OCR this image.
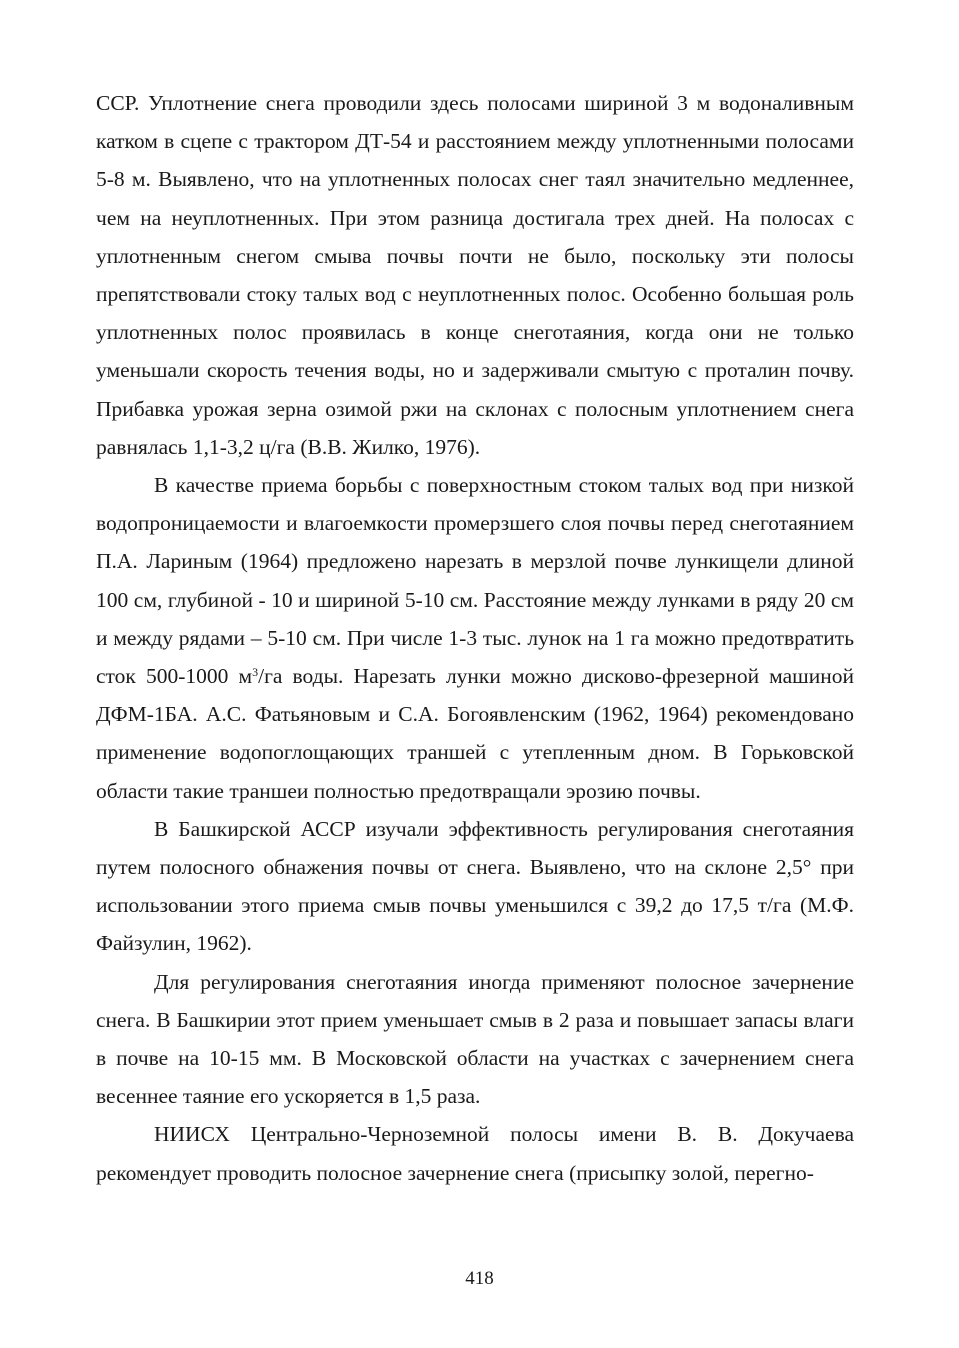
ССР. Уплотнение снега проводили здесь полосами шириной 3 м водоналивным катком в сцепе с трактором ДТ-54 и расстоянием между уплотненными полосами 5-8 м. Выявлено, что на уплотненных полосах снег таял значительно медленнее, чем на неуплотненных. При этом разница достигала трех дней. На полосах с уплотненным снегом смыва почвы почти не было, поскольку эти полосы препятствовали стоку талых вод с неуплотненных полос. Особенно большая роль уплотненных полос проявилась в конце снеготаяния, когда они не только уменьшали скорость течения воды, но и задерживали смытую с проталин почву. Прибавка урожая зерна озимой ржи на склонах с полосным уплотнением снега равнялась 1,1-3,2 ц/га (В.В. Жилко, 1976).

В качестве приема борьбы с поверхностным стоком талых вод при низкой водопроницаемости и влагоемкости промерзшего слоя почвы перед снеготаянием П.А. Лариным (1964) предложено нарезать в мерзлой почве лункищели длиной 100 см, глубиной - 10 и шириной 5-10 см. Расстояние между лунками в ряду 20 см и между рядами – 5-10 см. При числе 1-3 тыс. лунок на 1 га можно предотвратить сток 500-1000 $м^3/га$ воды. Нарезать лунки можно дисково-фрезерной машиной ДФМ-1БА. А.С. Фатьяновым и С.А. Богоявленским (1962, 1964) рекомендовано применение водопоглощающих траншей с утепленным дном. В Горьковской области такие траншеи полностью предотвращали эрозию почвы.

В Башкирской АССР изучали эффективность регулирования снеготаяния путем полосного обнажения почвы от снега. Выявлено, что на склоне 2,5° при использовании этого приема смыв почвы уменьшился с 39,2 до 17,5 т/га (М.Ф. Файзулин, 1962).

Для регулирования снеготаяния иногда применяют полосное зачернение снега. В Башкирии этот прием уменьшает смыв в 2 раза и повышает запасы влаги в почве на 10-15 мм. В Московской области на участках с зачернением снега весеннее таяние его ускоряется в 1,5 раза.

НИИСХ Центрально-Черноземной полосы имени В. В. Докучаева рекомендует проводить полосное зачернение снега (присыпку золой, перегно-

418
